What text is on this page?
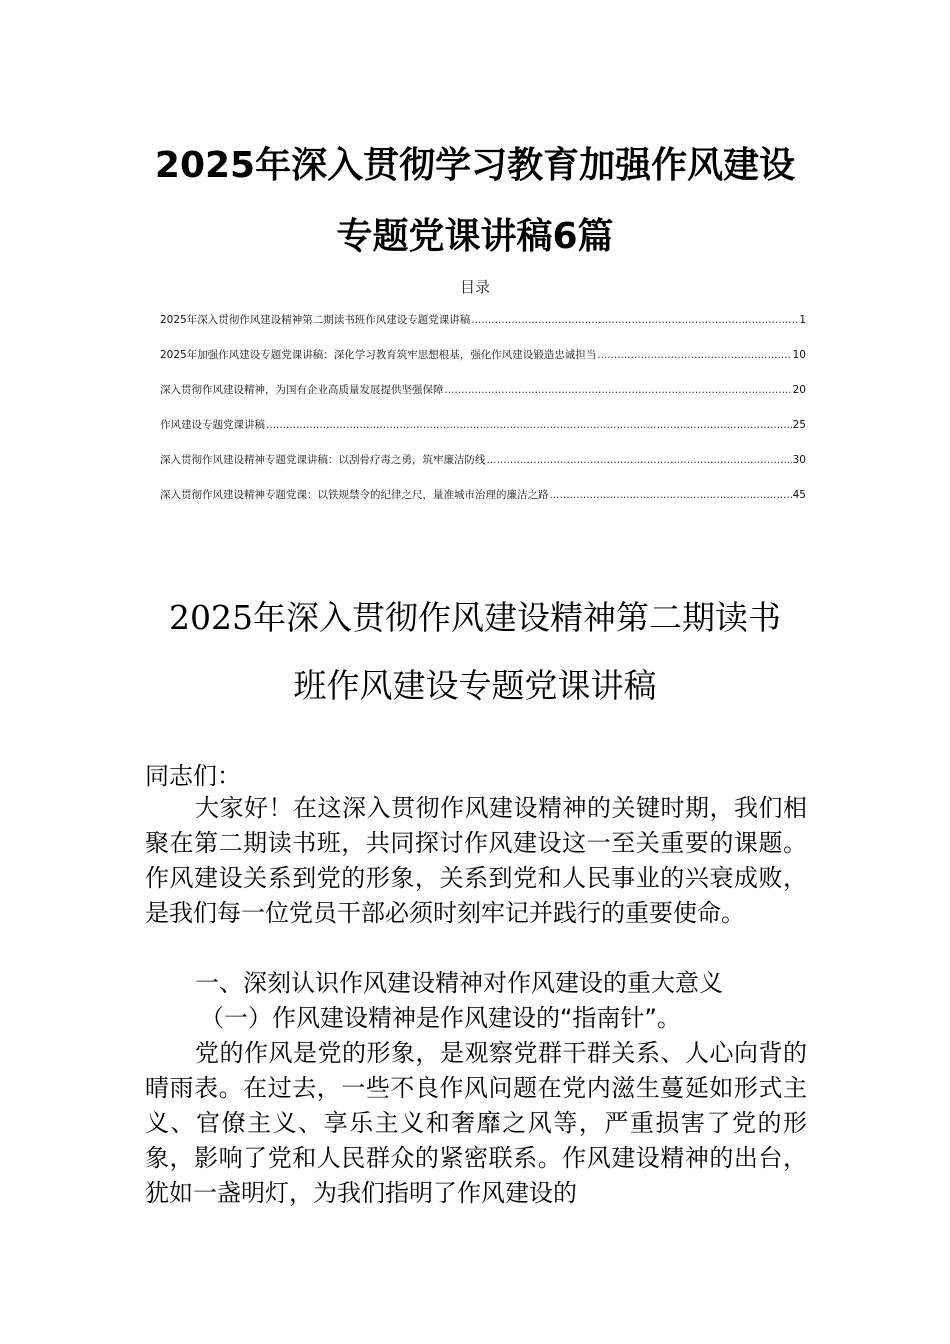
2025年深入贯彻学习教育加强作风建设
专题党课讲稿6篇
目录
2025年深入贯彻作风建设精神第二期读书班作风建设专题党课讲稿 .....	1
2025年加强作风建设专题党课讲稿：深化学习教育筑牢思想根基，强化作风建设锻造忠诚担当 .....	10
深入贯彻作风建设精神，为国有企业高质量发展提供坚强保障 .....	20
作风建设专题党课讲稿 .....	25
深入贯彻作风建设精神专题党课讲稿：以刮骨疗毒之勇，筑牢廉洁防线 .....	30
深入贯彻作风建设精神专题党课：以铁规禁令的纪律之尺，量准城市治理的廉洁之路 .....	45
2025年深入贯彻作风建设精神第二期读书
班作风建设专题党课讲稿
同志们：
大家好！在这深入贯彻作风建设精神的关键时期，我们相聚在第二期读书班，共同探讨作风建设这一至关重要的课题。作风建设关系到党的形象，关系到党和人民事业的兴衰成败，是我们每一位党员干部必须时刻牢记并践行的重要使命。
一、深刻认识作风建设精神对作风建设的重大意义
（一）作风建设精神是作风建设的“指南针”。
党的作风是党的形象，是观察党群干群关系、人心向背的晴雨表。在过去，一些不良作风问题在党内滋生蔓延如形式主义、官僚主义、享乐主义和奢靡之风等，严重损害了党的形象，影响了党和人民群众的紧密联系。作风建设精神的出台，犹如一盏明灯，为我们指明了作风建设的
